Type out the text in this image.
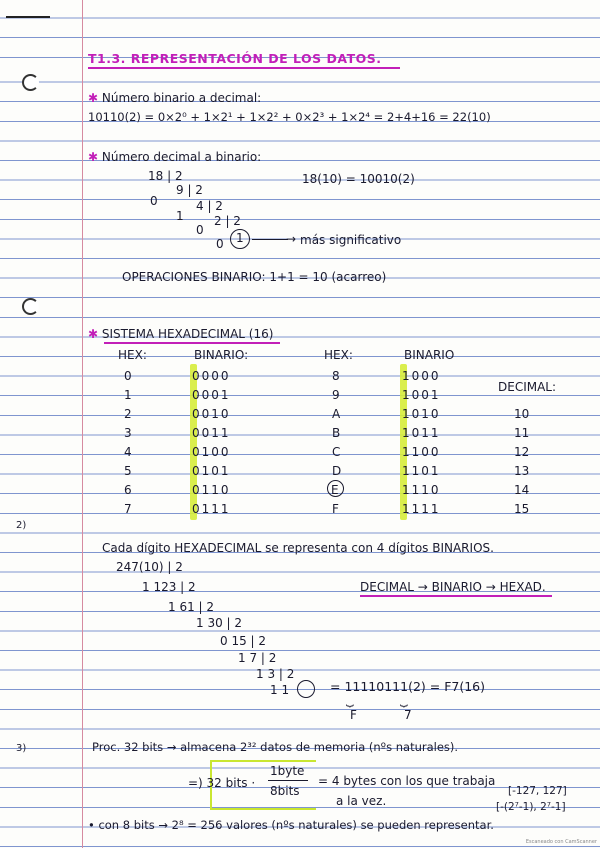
T1.3. REPRESENTACIÓN DE LOS DATOS.
✱ Número binario a decimal:
10110(2) = 0×2⁰ + 1×2¹ + 1×2² + 0×2³ + 1×2⁴ = 2+4+16 = 22(10)
✱ Número decimal a binario:
18 | 2
0
9 | 2
1
4 | 2
0
2 | 2
0 1	→ más significativo
18(10) = 10010(2)
OPERACIONES BINARIO: 1+1 = 10 (acarreo)
✱ SISTEMA HEXADECIMAL (16)
HEX:	BINARIO:	HEX:	BINARIO
DECIMAL:
0	0000
1	0001
2	0010
3	0011
4	0100
5	0101
6	0110
7	0111
8	1000
9	1001
A	1010	10
B	1011	11
C	1100	12
D	1101	13
E	1110	14
F	1111	15
2)
Cada dígito HEXADECIMAL se representa con 4 dígitos BINARIOS.
247(10) | 2
1 123 | 2
1 61 | 2
1 30 | 2
0 15 | 2
1 7 | 2
1 3 | 2
1 1
DECIMAL → BINARIO → HEXAD.
= 11110111(2) = F7(16)
⏟	⏟
F	7
3)	Proc. 32 bits → almacena 2³² datos de memoria (nºs naturales).
=) 32 bits ·
1byte
8bits
= 4 bytes con los que trabaja
a la vez.
[-127, 127]
[-(2⁷-1), 2⁷-1]
• con 8 bits → 2⁸ = 256 valores (nºs naturales) se pueden representar.
Escaneado con CamScanner
